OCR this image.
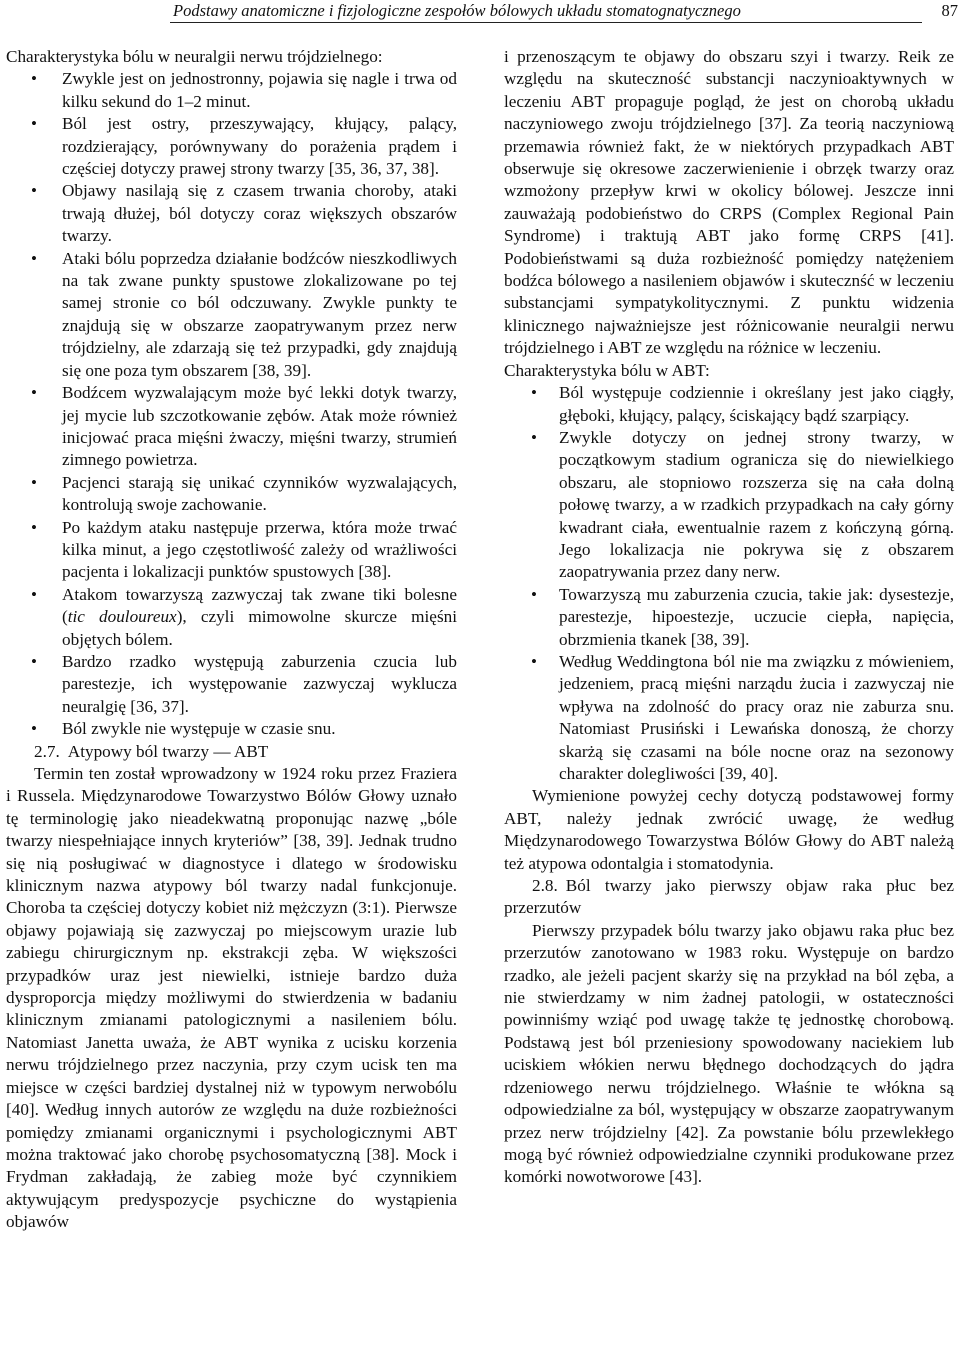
Podstawy anatomiczne i fizjologiczne zespołów bólowych układu stomatognatycznego	87

Charakterystyka bólu w neuralgii nerwu trójdzielnego:

• Zwykle jest on jednostronny, pojawia się nagle i trwa od kilku sekund do 1–2 minut.
• Ból jest ostry, przeszywający, kłujący, palący, rozdzierający, porównywany do porażenia prądem i częściej dotyczy prawej strony twarzy [35, 36, 37, 38].
• Objawy nasilają się z czasem trwania choroby, ataki trwają dłużej, ból dotyczy coraz większych obszarów twarzy.
• Ataki bólu poprzedza działanie bodźców nieszkodliwych na tak zwane punkty spustowe zlokalizowane po tej samej stronie co ból odczuwany. Zwykle punkty te znajdują się w obszarze zaopatrywanym przez nerw trójdzielny, ale zdarzają się też przypadki, gdy znajdują się one poza tym obszarem [38, 39].
• Bodźcem wyzwalającym może być lekki dotyk twarzy, jej mycie lub szczotkowanie zębów. Atak może również inicjować praca mięśni żwaczy, mięśni twarzy, strumień zimnego powietrza.
• Pacjenci starają się unikać czynników wyzwalających, kontrolują swoje zachowanie.
• Po każdym ataku następuje przerwa, która może trwać kilka minut, a jego częstotliwość zależy od wrażliwości pacjenta i lokalizacji punktów spustowych [38].
• Atakom towarzyszą zazwyczaj tak zwane tiki bolesne (tic douloureux), czyli mimowolne skurcze mięśni objętych bólem.
• Bardzo rzadko występują zaburzenia czucia lub parestezje, ich występowanie zazwyczaj wyklucza neuralgię [36, 37].
• Ból zwykle nie występuje w czasie snu.

2.7. Atypowy ból twarzy — ABT

Termin ten został wprowadzony w 1924 roku przez Fraziera i Russela. Międzynarodowe Towarzystwo Bólów Głowy uznało tę terminologię jako nieadekwatną proponując nazwę „bóle twarzy niespełniające innych kryteriów” [38, 39]. Jednak trudno się nią posługiwać w diagnostyce i dlatego w środowisku klinicznym nazwa atypowy ból twarzy nadal funkcjonuje. Choroba ta częściej dotyczy kobiet niż mężczyzn (3:1). Pierwsze objawy pojawiają się zazwyczaj po miejscowym urazie lub zabiegu chirurgicznym np. ekstrakcji zęba. W większości przypadków uraz jest niewielki, istnieje bardzo duża dysproporcja między możliwymi do stwierdzenia w badaniu klinicznym zmianami patologicznymi a nasileniem bólu. Natomiast Janetta uważa, że ABT wynika z ucisku korzenia nerwu trójdzielnego przez naczynia, przy czym ucisk ten ma miejsce w części bardziej dystalnej niż w typowym nerwobólu [40]. Według innych autorów ze względu na duże rozbieżności pomiędzy zmianami organicznymi i psychologicznymi ABT można traktować jako chorobę psychosomatyczną [38]. Mock i Frydman zakładają, że zabieg może być czynnikiem aktywującym predyspozycje psychiczne do wystąpienia objawów

i przenoszącym te objawy do obszaru szyi i twarzy. Reik ze względu na skuteczność substancji naczynioaktywnych w leczeniu ABT propaguje pogląd, że jest on chorobą układu naczyniowego zwoju trójdzielnego [37]. Za teorią naczyniową przemawia również fakt, że w niektórych przypadkach ABT obserwuje się okresowe zaczerwienienie i obrzęk twarzy oraz wzmożony przepływ krwi w okolicy bólowej. Jeszcze inni zauważają podobieństwo do CRPS (Complex Regional Pain Syndrome) i traktują ABT jako formę CRPS [41]. Podobieństwami są duża rozbieżność pomiędzy natężeniem bodźca bólowego a nasileniem objawów i skutecznść w leczeniu substancjami sympatykolitycznymi. Z punktu widzenia klinicznego najważniejsze jest różnicowanie neuralgii nerwu trójdzielnego i ABT ze względu na różnice w leczeniu.

Charakterystyka bólu w ABT:

• Ból występuje codziennie i określany jest jako ciągły, głęboki, kłujący, palący, ściskający bądź szarpiący.
• Zwykle dotyczy on jednej strony twarzy, w początkowym stadium ogranicza się do niewielkiego obszaru, ale stopniowo rozszerza się na cała dolną połowę twarzy, a w rzadkich przypadkach na cały górny kwadrant ciała, ewentualnie razem z kończyną górną. Jego lokalizacja nie pokrywa się z obszarem zaopatrywania przez dany nerw.
• Towarzyszą mu zaburzenia czucia, takie jak: dysestezje, parestezje, hipoestezje, uczucie ciepła, napięcia, obrzmienia tkanek [38, 39].
• Według Weddingtona ból nie ma związku z mówieniem, jedzeniem, pracą mięśni narządu żucia i zazwyczaj nie wpływa na zdolność do pracy oraz nie zaburza snu. Natomiast Prusiński i Lewańska donoszą, że chorzy skarżą się czasami na bóle nocne oraz na sezonowy charakter dolegliwości [39, 40].

Wymienione powyżej cechy dotyczą podstawowej formy ABT, należy jednak zwrócić uwagę, że według Międzynarodowego Towarzystwa Bólów Głowy do ABT należą też atypowa odontalgia i stomatodynia.

2.8. Ból twarzy jako pierwszy objaw raka płuc bez przerzutów

Pierwszy przypadek bólu twarzy jako objawu raka płuc bez przerzutów zanotowano w 1983 roku. Występuje on bardzo rzadko, ale jeżeli pacjent skarży się na przykład na ból zęba, a nie stwierdzamy w nim żadnej patologii, w ostateczności powinniśmy wziąć pod uwagę także tę jednostkę chorobową. Podstawą jest ból przeniesiony spowodowany naciekiem lub uciskiem włókien nerwu błędnego dochodzących do jądra rdzeniowego nerwu trójdzielnego. Właśnie te włókna są odpowiedzialne za ból, występujący w obszarze zaopatrywanym przez nerw trójdzielny [42]. Za powstanie bólu przewlekłego mogą być również odpowiedzialne czynniki produkowane przez komórki nowotworowe [43].
